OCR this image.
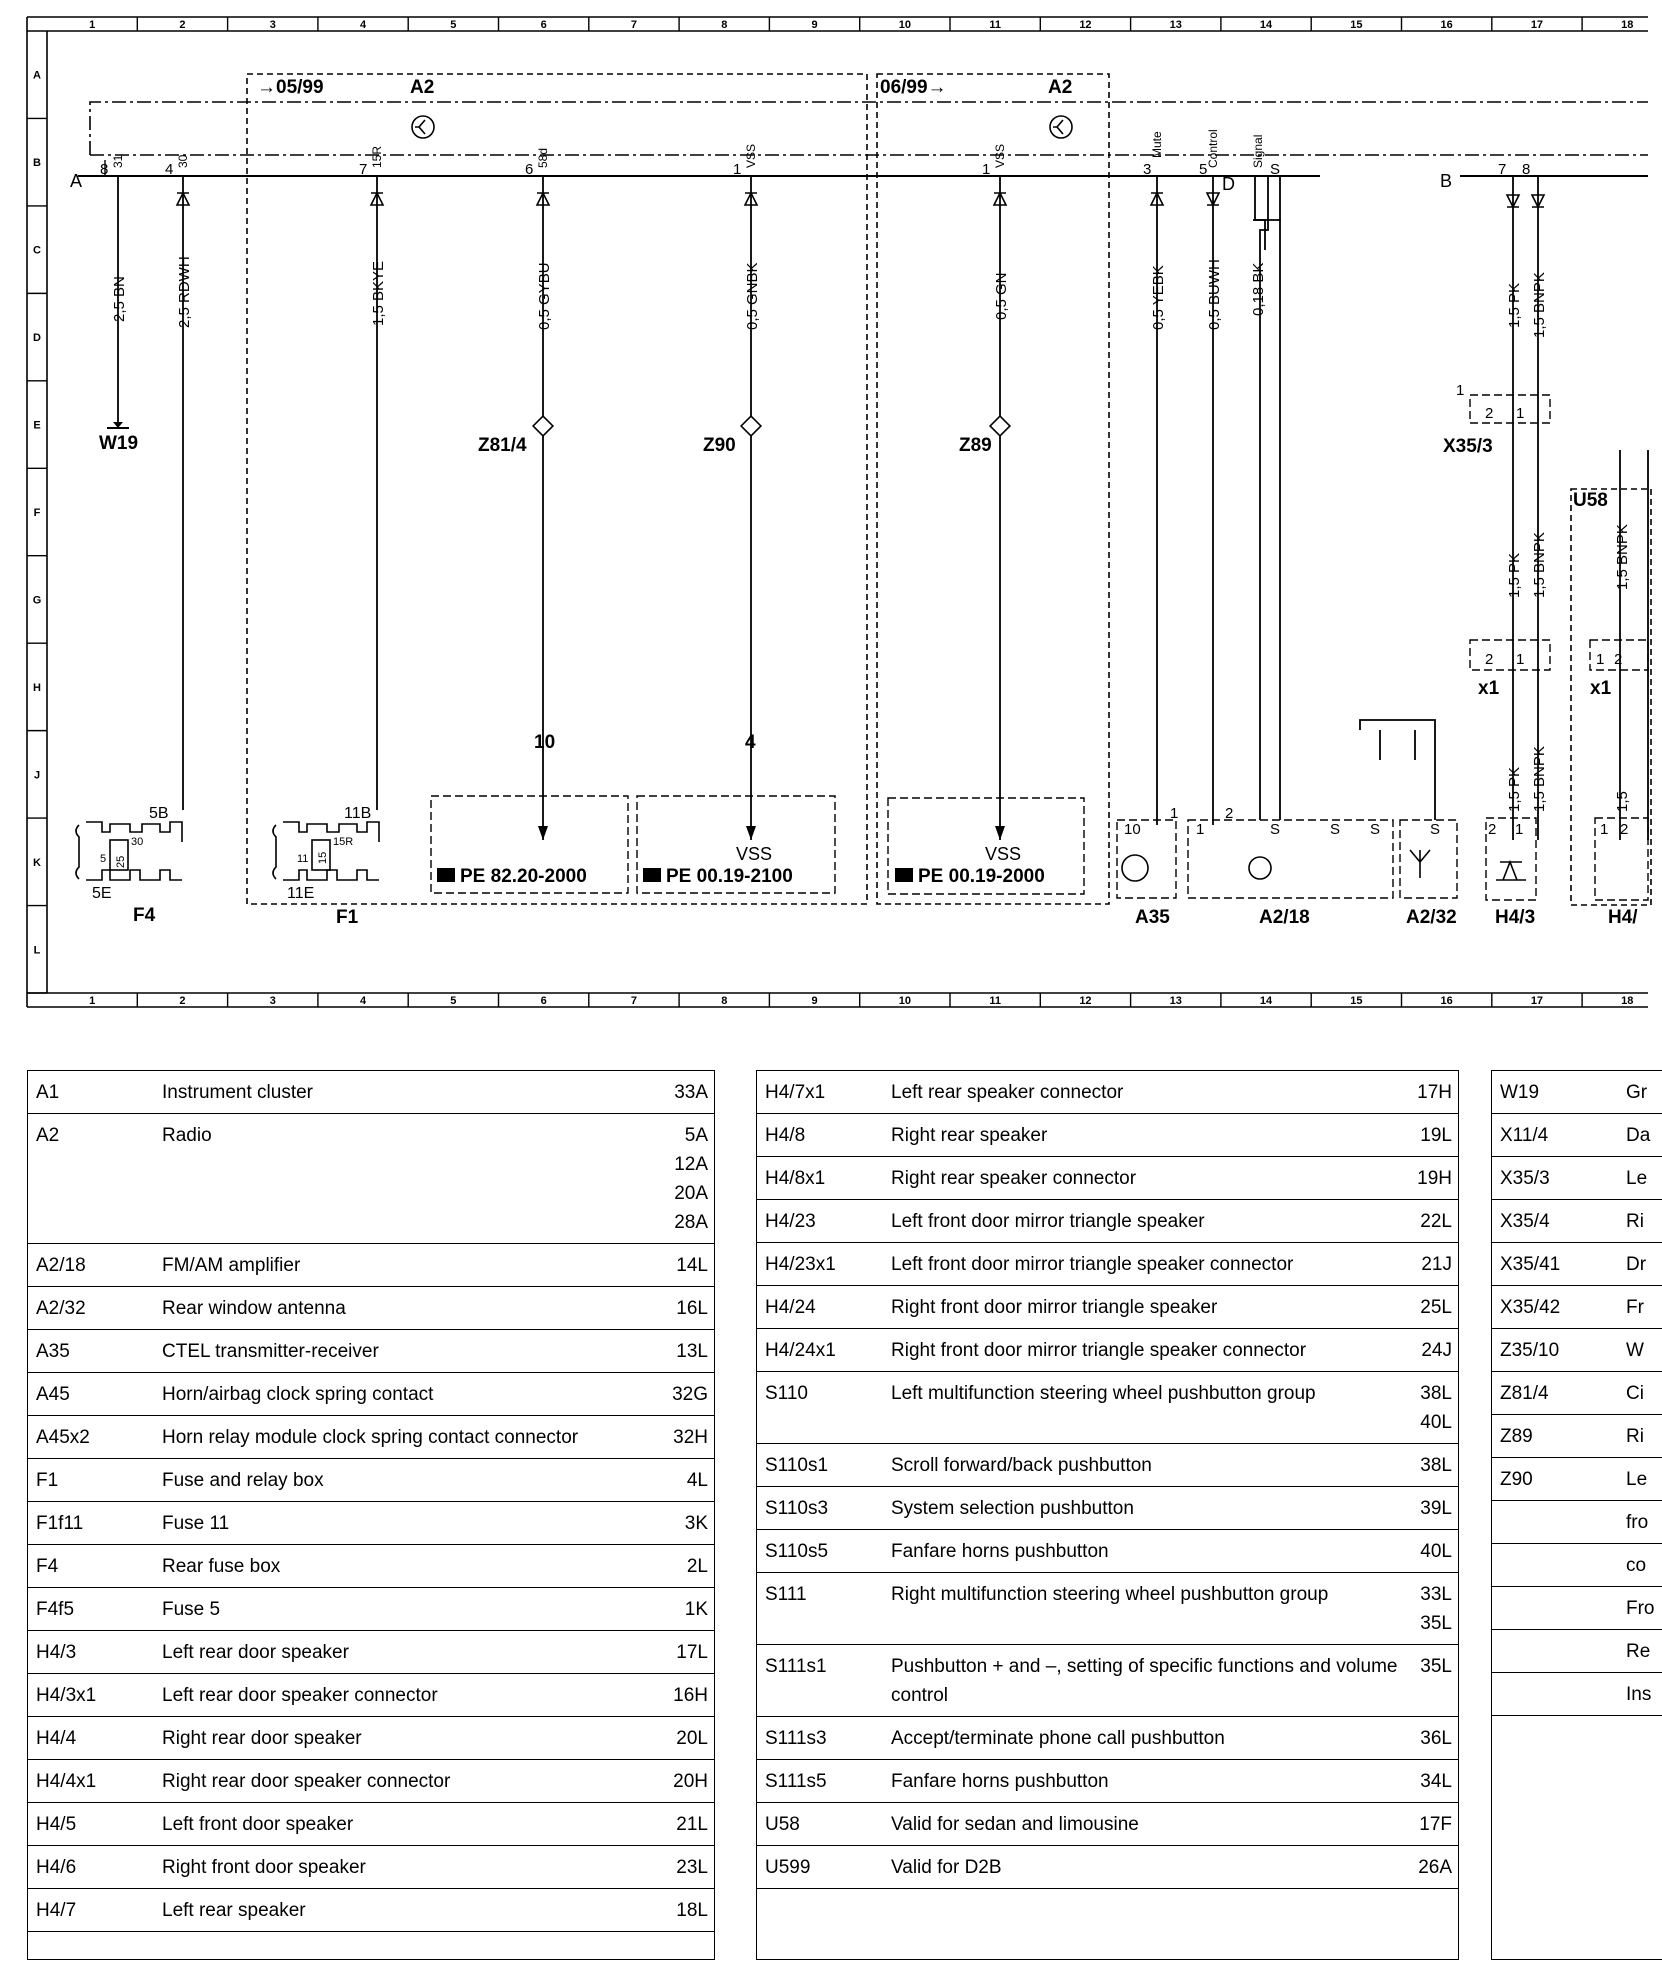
1	2	3	4	5	6	7	8	9	10	11	12	13	14	15	16	17	18
1	2	3	4	5	6	7	8	9	10	11	12	13	14	15	16	17	18
A
B
C
D
E
F
G
H
J
K
L
→05/99	A2	06/99→	A2
A	B
D
31	30	15R	58d	VSS	VSS	Mute	Control	Signal
S
8	4	7	6	1	1	3	5	7 8
2,5 BN	2,5 RDWH	1,5 BKYE	0,5 GYBU	0,5 GNBK	0,5 GN	0,5 YEBK	0,5 BUWH 0,18 BK	1,5 PK 1,5 BNPK
1,5 PK 1,5 BNPK
1,5 PK 1,5 BNPK
1,5 BNPK
1,5
W19	Z81/4	Z90	Z89	X35/3
U58
x1	x1
F4	F1	A35	A2/18	A2/32 H4/3	H4/
5B
5E
11B
11E
25
30
5	15
15R
11
10	4
PE 82.20-2000	PE 00.19-2100	PE 00.19-2000
VSS	VSS
1
2 1
2 1	1 2
10
1	2
1	2 1	1 2
S	S	S
S
A1	Instrument cluster	33A

A2	Radio	5A
12A
20A
28A

A2/18	FM/AM amplifier	14L

A2/32	Rear window antenna	16L

A35	CTEL transmitter-receiver	13L

A45	Horn/airbag clock spring contact	32G

A45x2	Horn relay module clock spring contact connector	32H

F1	Fuse and relay box	4L

F1f11	Fuse 11	3K

F4	Rear fuse box	2L

F4f5	Fuse 5	1K

H4/3	Left rear door speaker	17L

H4/3x1	Left rear door speaker connector	16H

H4/4	Right rear door speaker	20L

H4/4x1	Right rear door speaker connector	20H

H4/5	Left front door speaker	21L

H4/6	Right front door speaker	23L

H4/7	Left rear speaker	18L
H4/7x1	Left rear speaker connector	17H

H4/8	Right rear speaker	19L

H4/8x1	Right rear speaker connector	19H

H4/23	Left front door mirror triangle speaker	22L

H4/23x1	Left front door mirror triangle speaker connector	21J

H4/24	Right front door mirror triangle speaker	25L

H4/24x1	Right front door mirror triangle speaker connector	24J

S110	Left multifunction steering wheel pushbutton group	38L
40L

S110s1	Scroll forward/back pushbutton	38L

S110s3	System selection pushbutton	39L

S110s5	Fanfare horns pushbutton	40L

S111	Right multifunction steering wheel pushbutton group	33L
35L

S111s1	Pushbutton + and –, setting of specific functions and volume control	35L

S111s3	Accept/terminate phone call pushbutton	36L

S111s5	Fanfare horns pushbutton	34L

U58	Valid for sedan and limousine	17F

U599	Valid for D2B	26A
W19	Gr
X11/4	Da
X35/3	Le
X35/4	Ri
X35/41	Dr
X35/42	Fr
Z35/10	W
Z81/4	Ci
Z89	Ri
Z90	Le
	fro
	co
	Fro
	Re
	Ins
